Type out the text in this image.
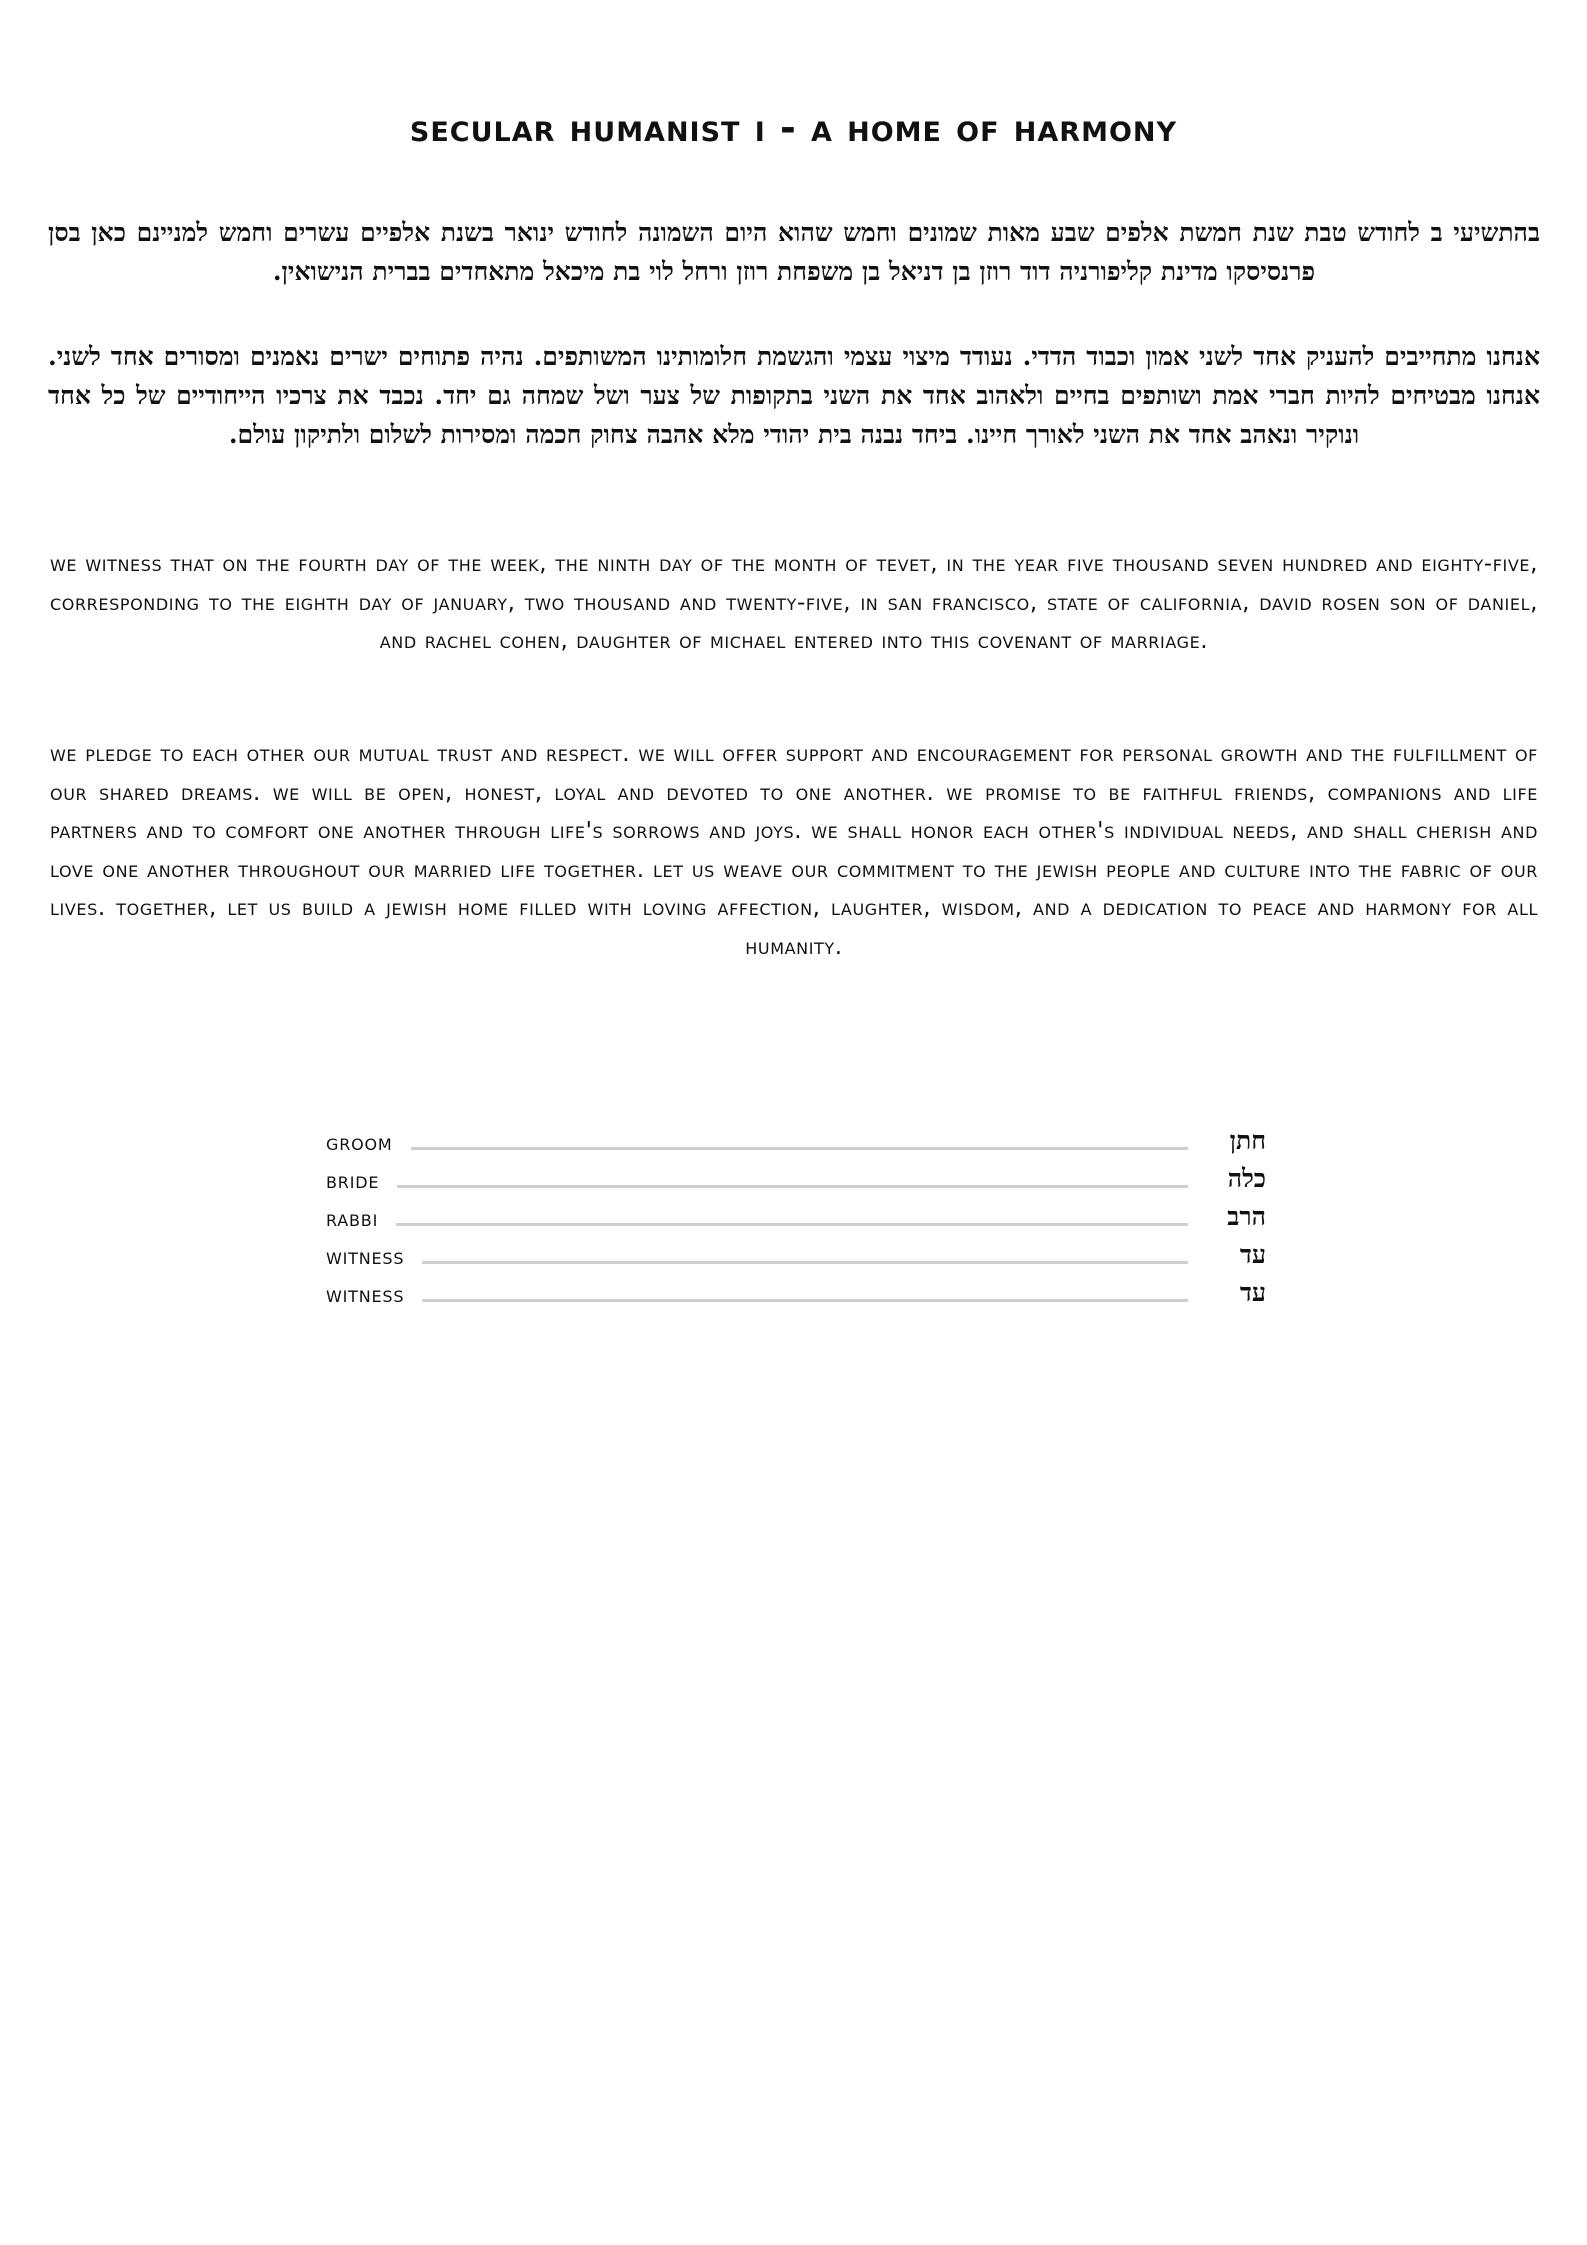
secular humanist i - a home of harmony

בהתשיעי ב לחודש טבת שנת חמשת אלפים שבע מאות שמונים וחמש שהוא היום השמונה לחודש ינואר בשנת אלפיים עשרים וחמש למניינם כאן בסן פרנסיסקו מדינת קליפורניה דוד רוזן בן דניאל בן משפחת רוזן ורחל לוי בת מיכאל מתאחדים בברית הנישואין.

אנחנו מתחייבים להעניק אחד לשני אמון וכבוד הדדי. נעודד מיצוי עצמי והגשמת חלומותינו המשותפים. נהיה פתוחים ישרים נאמנים ומסורים אחד לשני. אנחנו מבטיחים להיות חברי אמת ושותפים בחיים ולאהוב אחד את השני בתקופות של צער ושל שמחה גם יחד. נכבד את צרכיו הייחודיים של כל אחד ונוקיר ונאהב אחד את השני לאורך חיינו. ביחד נבנה בית יהודי מלא אהבה צחוק חכמה ומסירות לשלום ולתיקון עולם.

we witness that on the fourth day of the week, the ninth day of the month of tevet, in the year five thousand seven hundred and eighty-five, corresponding to the eighth day of january, two thousand and twenty-five, in san francisco, state of california, david rosen son of daniel, and rachel cohen, daughter of michael entered into this covenant of marriage.

we pledge to each other our mutual trust and respect. we will offer support and encouragement for personal growth and the fulfillment of our shared dreams. we will be open, honest, loyal and devoted to one another. we promise to be faithful friends, companions and life partners and to comfort one another through life's sorrows and joys. we shall honor each other's individual needs, and shall cherish and love one another throughout our married life together. let us weave our commitment to the jewish people and culture into the fabric of our lives. together, let us build a jewish home filled with loving affection, laughter, wisdom, and a dedication to peace and harmony for all humanity.

groom	חתן
bride	כלה
rabbi	הרב
witness	עד
witness	עד
